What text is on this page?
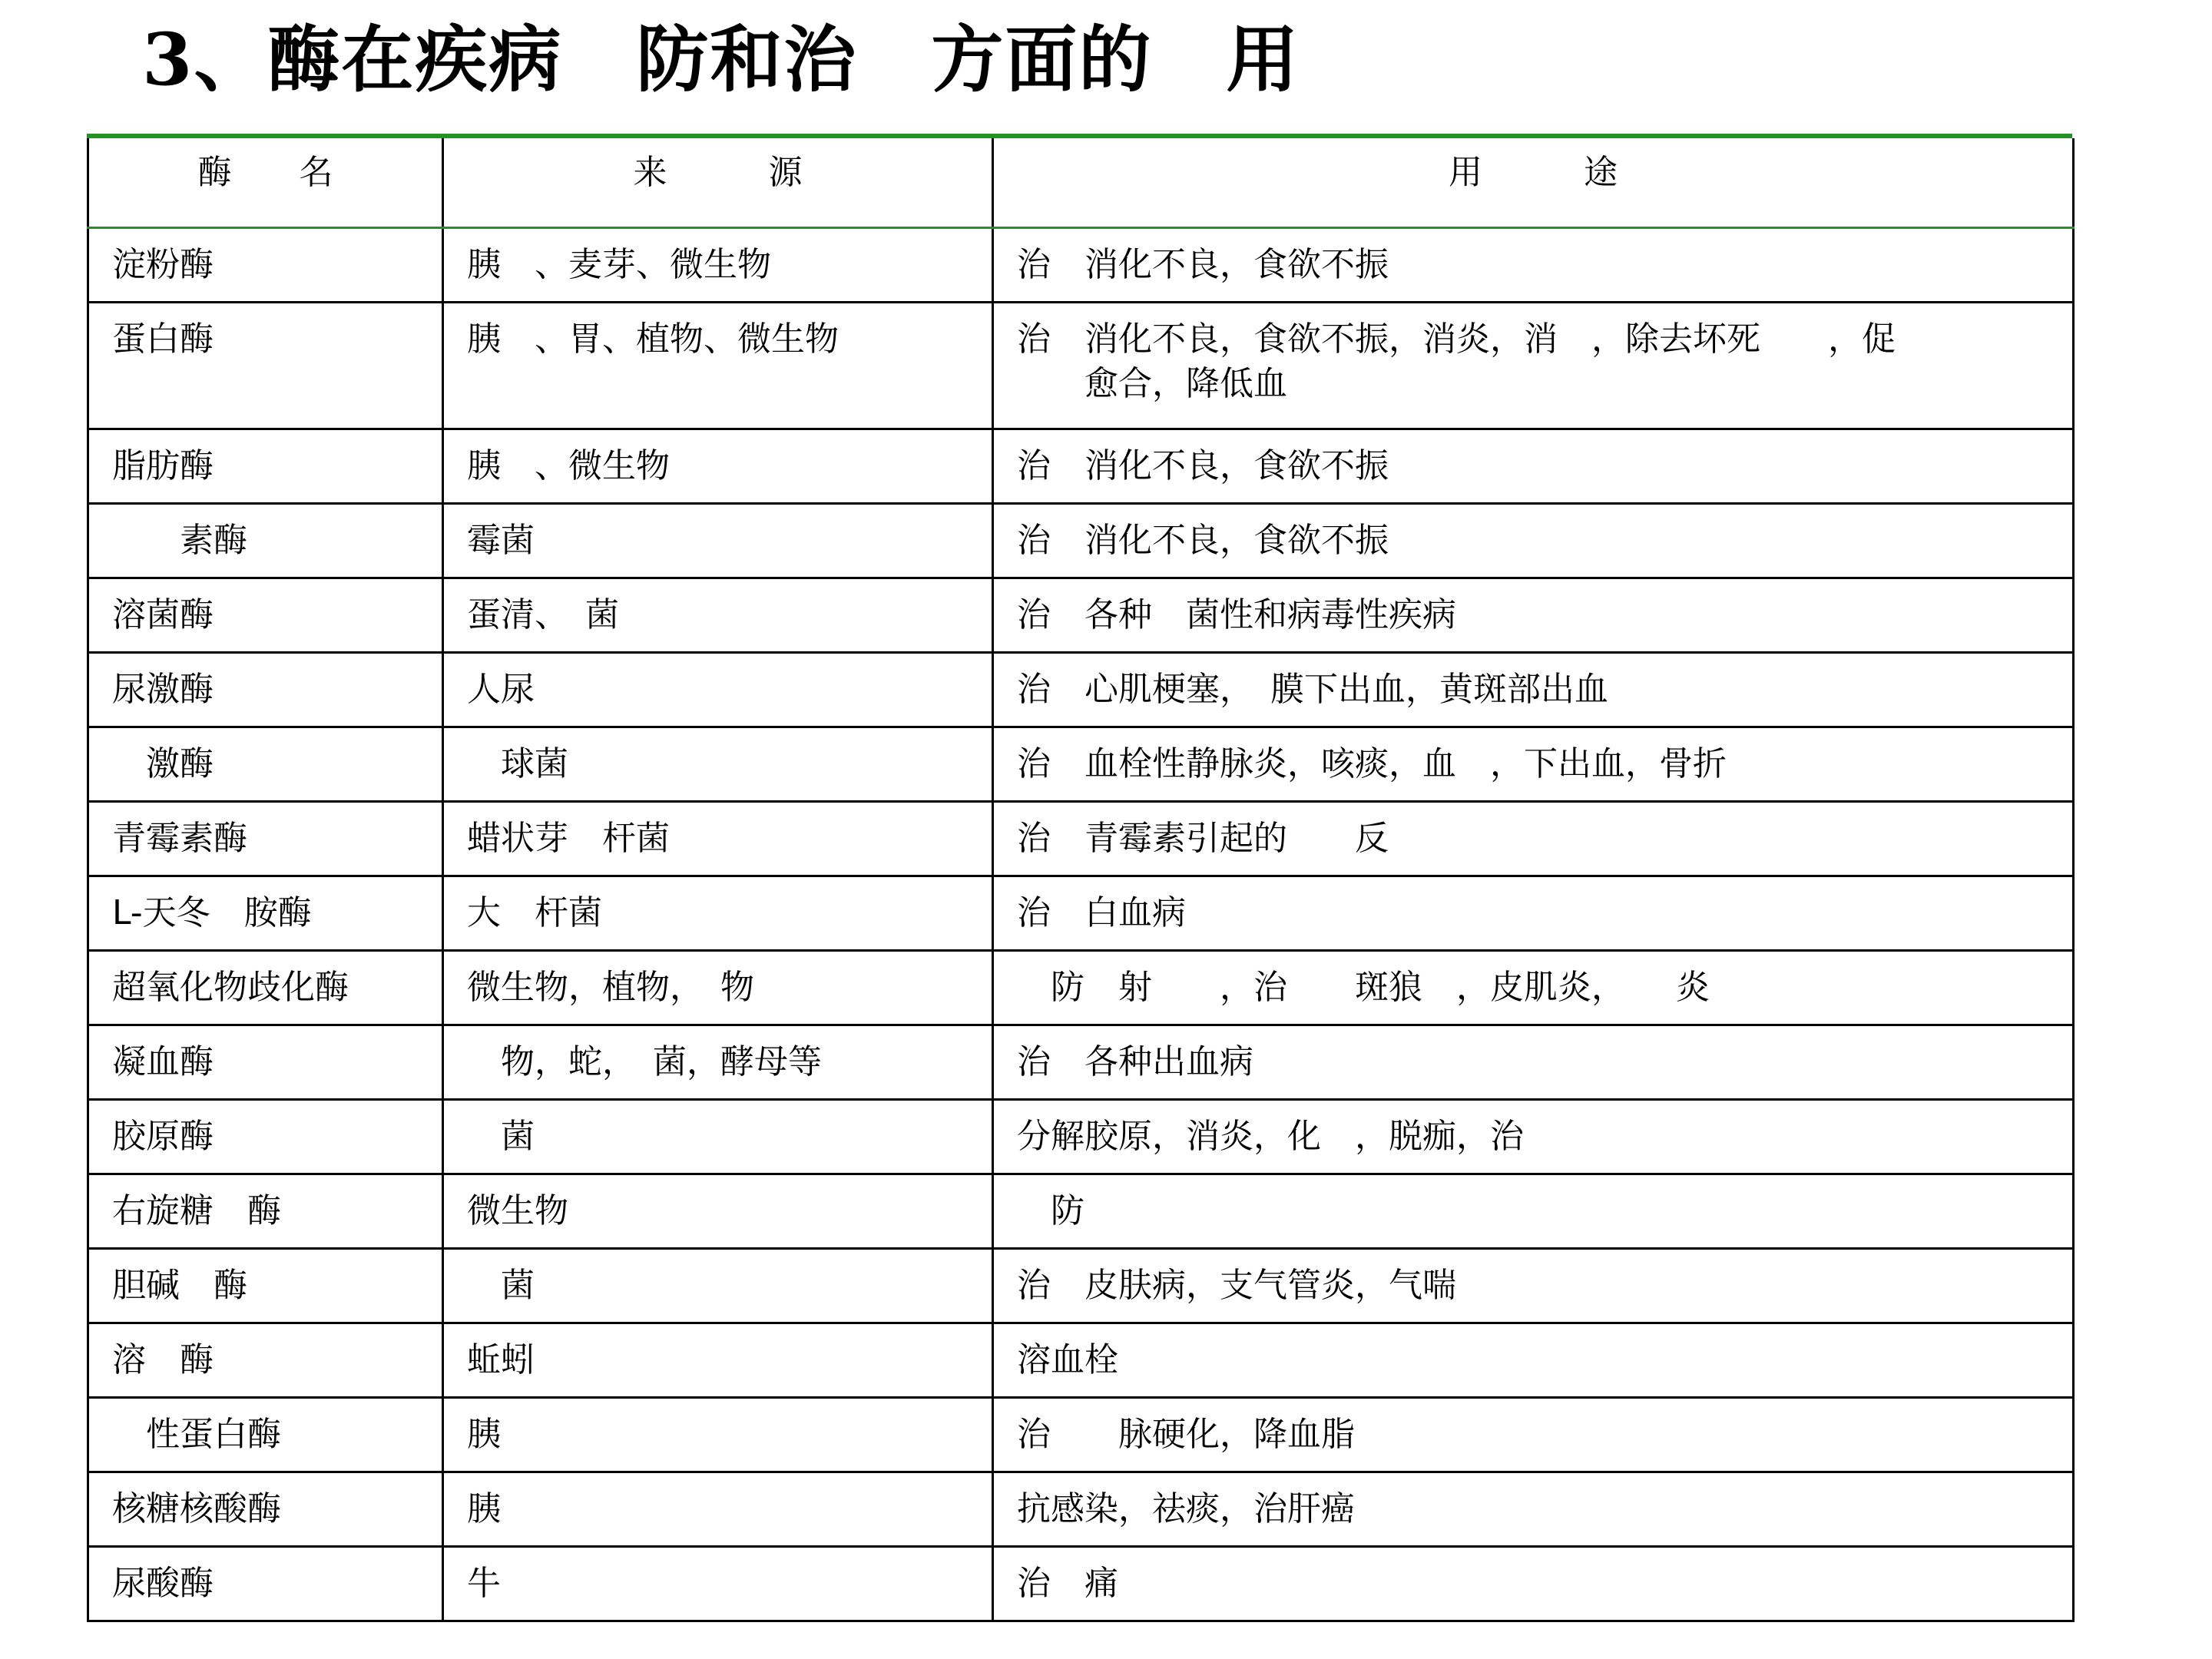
3、酶在疾病　防和治　方面的　用
酶　　名	来　　　源	用　　　途
淀粉酶	胰　、麦芽、微生物	治　消化不良，食欲不振

蛋白酶	胰　、胃、植物、微生物	治　消化不良，食欲不振，消炎，消　，除去坏死　　，促
　　愈合，降低血

脂肪酶	胰　、微生物	治　消化不良，食欲不振

　　素酶	霉菌	治　消化不良，食欲不振

溶菌酶	蛋清、　菌	治　各种　菌性和病毒性疾病

尿激酶	人尿	治　心肌梗塞，　膜下出血，黄斑部出血

　激酶	　球菌	治　血栓性静脉炎，咳痰，血　，下出血，骨折

青霉素酶	蜡状芽　杆菌	治　青霉素引起的　　反

L-天冬　胺酶	大　杆菌	治　白血病

超氧化物歧化酶	微生物，植物，　物	　防　射　　，治　　斑狼　，皮肌炎，　　炎

凝血酶	　物，蛇，　菌，酵母等	治　各种出血病

胶原酶	　菌	分解胶原，消炎，化　，脱痂，治

右旋糖　酶	微生物	　防

胆碱　酶	　菌	治　皮肤病，支气管炎，气喘

溶　酶	蚯蚓	溶血栓

　性蛋白酶	胰	治　　脉硬化，降血脂

核糖核酸酶	胰	抗感染，祛痰，治肝癌

尿酸酶	牛	治　痛
